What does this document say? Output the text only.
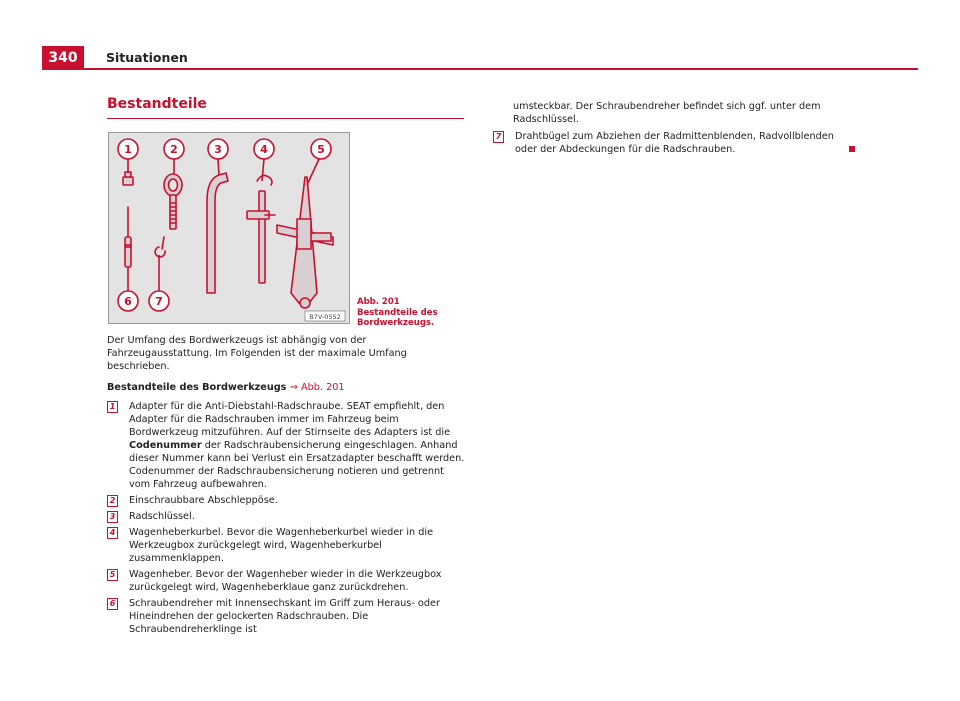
340	Situationen
Bestandteile
1	2	3	4	5
6 7
B7V-0552
Abb. 201 Bestandteile des Bordwerkzeugs.

Der Umfang des Bordwerkzeugs ist abhängig von der Fahrzeugausstattung. Im Folgenden ist der maximale Umfang beschrieben.

Bestandteile des Bordwerkzeugs ⇒ Abb. 201
1 Adapter für die Anti-Diebstahl-Radschraube. SEAT empfiehlt, den Adapter für die Radschrauben immer im Fahrzeug beim Bordwerkzeug mitzuführen. Auf der Stirnseite des Adapters ist die Codenummer der Radschraubensicherung eingeschlagen. Anhand dieser Nummer kann bei Verlust ein Ersatzadapter beschafft werden. Codenummer der Radschraubensicherung notieren und getrennt vom Fahrzeug aufbewahren.
2 Einschraubbare Abschleppöse.
3 Radschlüssel.
4 Wagenheberkurbel. Bevor die Wagenheberkurbel wieder in die Werkzeugbox zurückgelegt wird, Wagenheberkurbel zusammenklappen.
5 Wagenheber. Bevor der Wagenheber wieder in die Werkzeugbox zurückgelegt wird, Wagenheberklaue ganz zurückdrehen.
6 Schraubendreher mit Innensechskant im Griff zum Heraus- oder Hineindrehen der gelockerten Radschrauben. Die Schraubendreherklinge ist
umsteckbar. Der Schraubendreher befindet sich ggf. unter dem Radschlüssel.
7 Drahtbügel zum Abziehen der Radmittenblenden, Radvollblenden oder der Abdeckungen für die Radschrauben.
